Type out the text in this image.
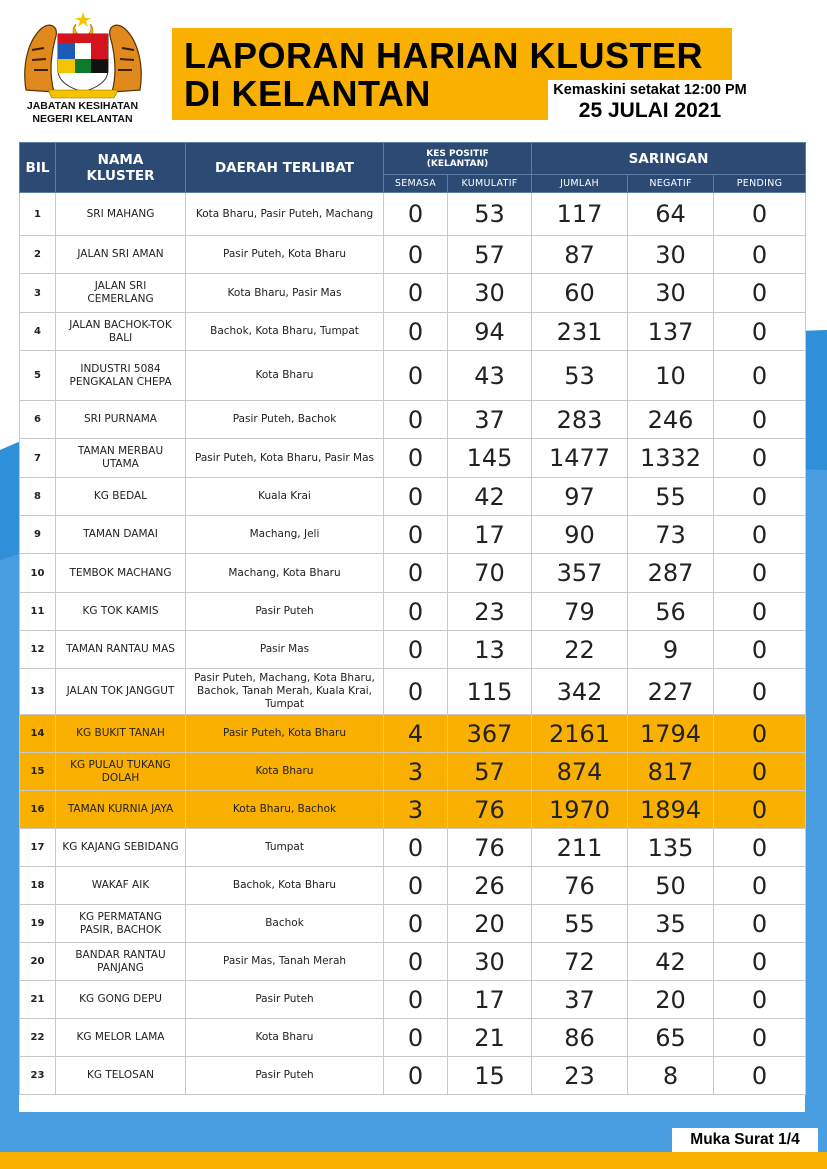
JABATAN KESIHATAN
NEGERI KELANTAN
LAPORAN HARIAN KLUSTER
DI KELANTAN	Kemaskini setakat 12:00 PM
25 JULAI 2021
BIL	NAMA KLUSTER	DAERAH TERLIBAT	KES POSITIF (KELANTAN)		SARINGAN		
			SEMASA	KUMULATIF	JUMLAH	NEGATIF	PENDING
1	SRI MAHANG	Kota Bharu, Pasir Puteh, Machang	0	53	117	64	0
2	JALAN SRI AMAN	Pasir Puteh, Kota Bharu	0	57	87	30	0
3	JALAN SRI CEMERLANG	Kota Bharu, Pasir Mas	0	30	60	30	0
4	JALAN BACHOK-TOK BALI	Bachok, Kota Bharu, Tumpat	0	94	231	137	0
5	INDUSTRI 5084 PENGKALAN CHEPA	Kota Bharu	0	43	53	10	0
6	SRI PURNAMA	Pasir Puteh, Bachok	0	37	283	246	0
7	TAMAN MERBAU UTAMA	Pasir Puteh, Kota Bharu, Pasir Mas	0	145	1477	1332	0
8	KG BEDAL	Kuala Krai	0	42	97	55	0
9	TAMAN DAMAI	Machang, Jeli	0	17	90	73	0
10	TEMBOK MACHANG	Machang, Kota Bharu	0	70	357	287	0
11	KG TOK KAMIS	Pasir Puteh	0	23	79	56	0
12	TAMAN RANTAU MAS	Pasir Mas	0	13	22	9	0
13	JALAN TOK JANGGUT	Pasir Puteh, Machang, Kota Bharu, Bachok, Tanah Merah, Kuala Krai, Tumpat	0	115	342	227	0
14	KG BUKIT TANAH	Pasir Puteh, Kota Bharu	4	367	2161	1794	0
15	KG PULAU TUKANG DOLAH	Kota Bharu	3	57	874	817	0
16	TAMAN KURNIA JAYA	Kota Bharu, Bachok	3	76	1970	1894	0
17	KG KAJANG SEBIDANG	Tumpat	0	76	211	135	0
18	WAKAF AIK	Bachok, Kota Bharu	0	26	76	50	0
19	KG PERMATANG PASIR, BACHOK	Bachok	0	20	55	35	0
20	BANDAR RANTAU PANJANG	Pasir Mas, Tanah Merah	0	30	72	42	0
21	KG GONG DEPU	Pasir Puteh	0	17	37	20	0
22	KG MELOR LAMA	Kota Bharu	0	21	86	65	0
23	KG TELOSAN	Pasir Puteh	0	15	23	8	0
Muka Surat 1/4
